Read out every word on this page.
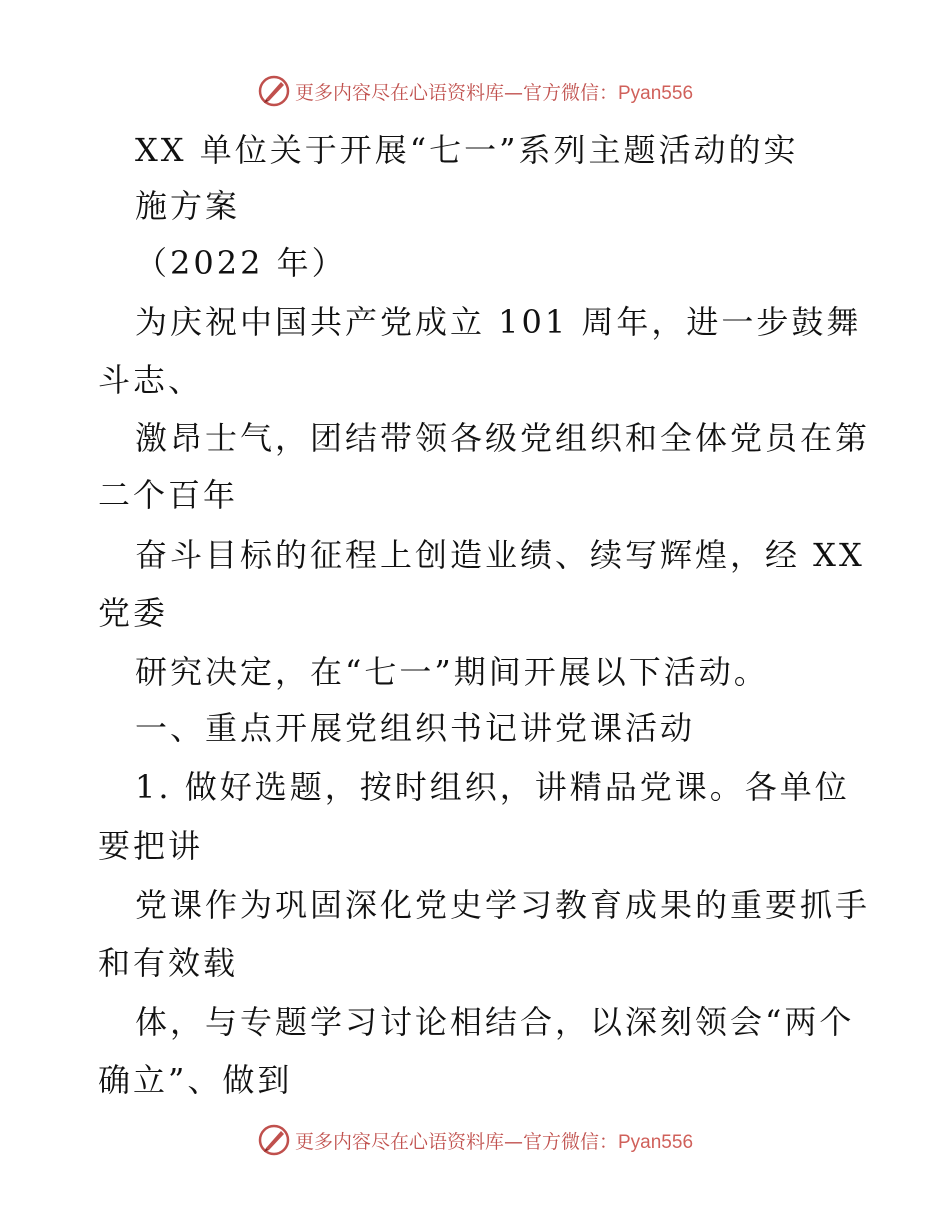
更多内容尽在心语资料库—官方微信：Pyan556
XX 单位关于开展“七一”系列主题活动的实
施方案
（2022 年）
为庆祝中国共产党成立 101 周年，进一步鼓舞
斗志、
激昂士气，团结带领各级党组织和全体党员在第
二个百年
奋斗目标的征程上创造业绩、续写辉煌，经 XX
党委
研究决定，在“七一”期间开展以下活动。
一、重点开展党组织书记讲党课活动
1. 做好选题，按时组织，讲精品党课。各单位
要把讲
党课作为巩固深化党史学习教育成果的重要抓手
和有效载
体，与专题学习讨论相结合，以深刻领会“两个
确立”、做到
更多内容尽在心语资料库—官方微信：Pyan556
